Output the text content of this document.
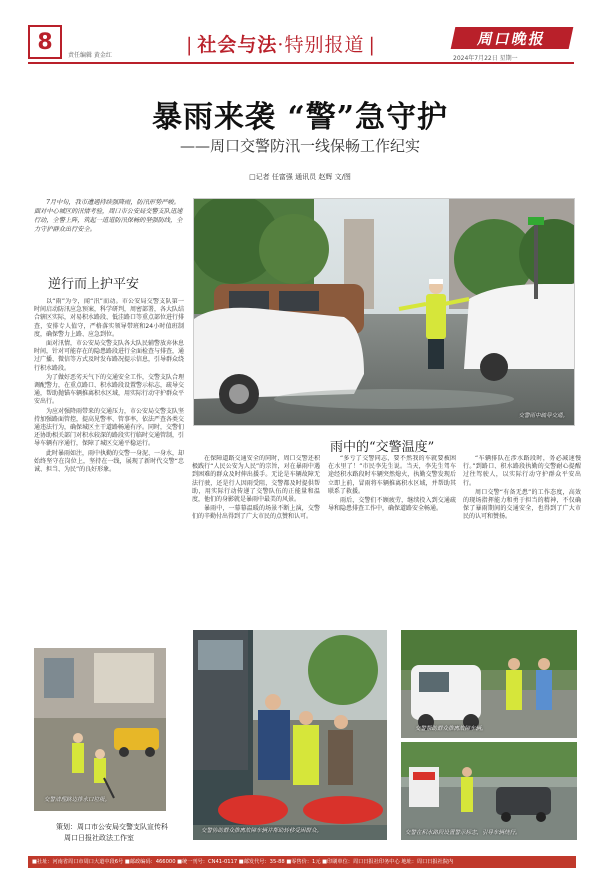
8
责任编辑 黄金红	| 社会与法·特别报道 |	周口晚报
2024年7月22日 星期一
暴雨来袭 “警”急守护
——周口交警防汛一线保畅工作纪实
□记者 任富强 通讯员 赵辉 文/图

7月中旬，我市遭遇持续强降雨，防汛形势严峻。面对中心城区的汛情考验，周口市公安局交警支队迅速行动，全警上阵，筑起一道道防汛保畅的坚强防线，全力守护群众出行安全。

逆行而上护平安

以“雨”为令，闻“汛”而动。市公安局交警支队第一时间启动防汛应急预案，科学研判，周密部署，各大队结合辖区实际，对易积水路段、低洼路口等重点部位进行排查，安排专人值守，严格落实领导带班和24小时值班制度，确保警力上路、应急到位。

面对汛情，市公安局交警支队各大队民辅警放弃休息时间，针对可能存在的隐患路段进行全面检查与排查，通过广播、微信等方式及时发布路况提示信息，引导群众绕行积水路段。

为了做好恶劣天气下的交通安全工作，交警支队合理调配警力，在重点路口、积水路段设置警示标志，疏导交通，帮助抛锚车辆推离积水区域，用实际行动守护群众平安出行。

为应对强降雨带来的交通压力，市公安局交警支队坚持加强路面管控，提高见警率、管事率，依法严查各类交通违法行为，确保城区主干道路畅通有序。同时，交警们还协助相关部门对积水较深的路段实行临时交通管制，引导车辆有序通行，保障了城区交通平稳运行。

此时暴雨如注，雨中执勤的交警一身泥、一身水，却始终坚守在岗位上，坚持在一线，展现了新时代交警“忠诚、担当、为民”的良好形象。

交警雨中疏导交通。
雨中的“交警温度”

在保障道路交通安全的同时，周口交警还积极践行“人民公安为人民”的宗旨，对在暴雨中遇到困难的群众及时伸出援手。无论是车辆故障无法行驶，还是行人因雨受阻，交警都及时提供帮助，用实际行动传递了交警队伍的正能量和温度，他们的身影就是暴雨中最美的风景。

暴雨中，一幕幕温暖的场景不断上演，交警们的辛勤付出得到了广大市民的点赞和认可。

“多亏了交警同志，要不然我的车就要被困在水里了！”市民李先生说。当天，李先生驾车途经积水路段时车辆突然熄火，执勤交警发现后立即上前，冒雨将车辆推离积水区域，并帮助其联系了救援。

雨后，交警们不顾疲劳，继续投入到交通疏导和隐患排查工作中，确保道路安全畅通。

“车辆排队在涉水路段时，务必减速慢行。”到路口、积水路段执勤的交警耐心提醒过往驾驶人，以实际行动守护群众平安出行。

周口交警“有备无患”的工作态度，高效的现场指挥能力和勇于担当的精神，不仅确保了暴雨期间的交通安全，也得到了广大市民的认可和赞扬。

交警清理路边排水口垃圾。
交警协助群众推离故障车辆并帮助转移受困群众。
交警帮助群众推离故障车辆。
交警在积水路段设置警示标志，引导车辆绕行。
策划：周口市公安局交警支队宣传科
周口日报社政法工作室
■社址：河南省周口市周口大道中段6号 ■邮政编码：466000 ■统一刊号：CN41-0117 ■邮发代号：35-88 ■零售价：1元 ■印刷单位：周口日报社印务中心 地址：周口日报社院内
